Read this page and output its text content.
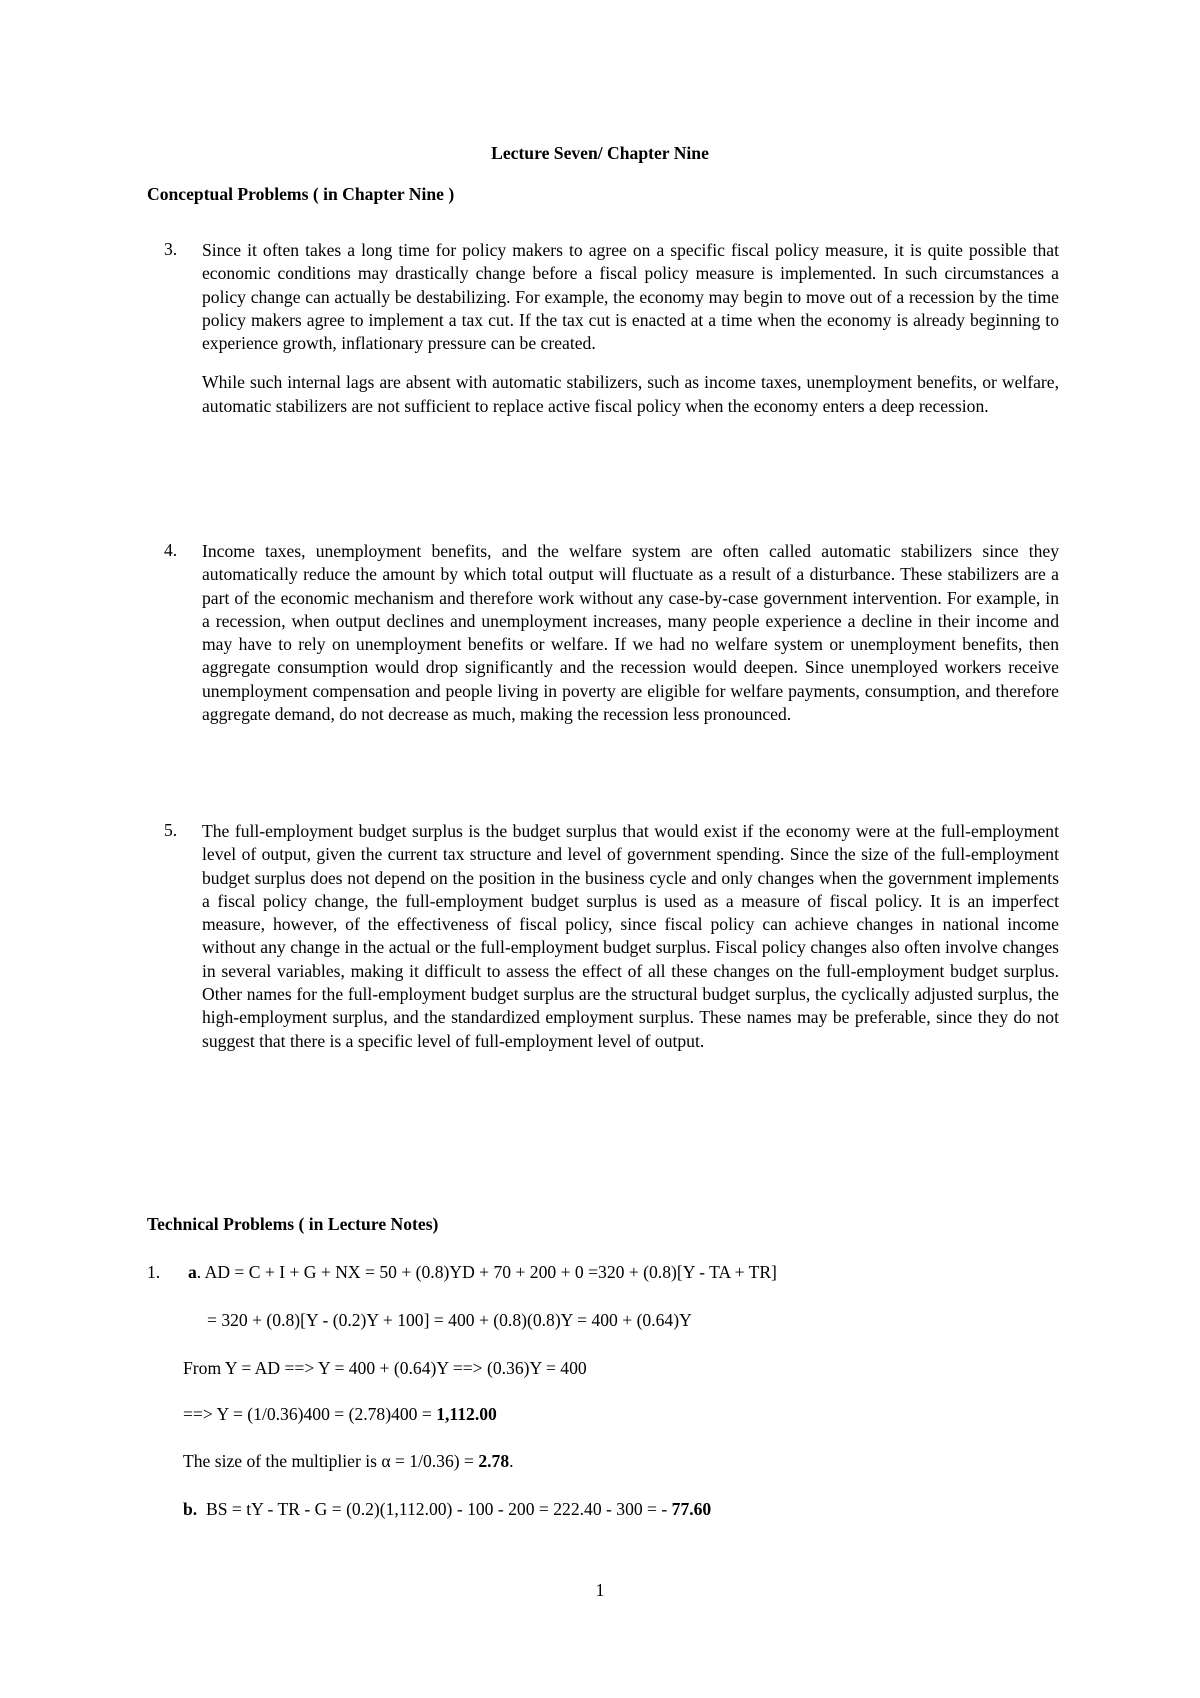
Lecture Seven/ Chapter Nine
Conceptual Problems ( in Chapter Nine )
3. Since it often takes a long time for policy makers to agree on a specific fiscal policy measure, it is quite possible that economic conditions may drastically change before a fiscal policy measure is implemented. In such circumstances a policy change can actually be destabilizing. For example, the economy may begin to move out of a recession by the time policy makers agree to implement a tax cut. If the tax cut is enacted at a time when the economy is already beginning to experience growth, inflationary pressure can be created.

While such internal lags are absent with automatic stabilizers, such as income taxes, unemployment benefits, or welfare, automatic stabilizers are not sufficient to replace active fiscal policy when the economy enters a deep recession.

4. Income taxes, unemployment benefits, and the welfare system are often called automatic stabilizers since they automatically reduce the amount by which total output will fluctuate as a result of a disturbance. These stabilizers are a part of the economic mechanism and therefore work without any case-by-case government intervention. For example, in a recession, when output declines and unemployment increases, many people experience a decline in their income and may have to rely on unemployment benefits or welfare. If we had no welfare system or unemployment benefits, then aggregate consumption would drop significantly and the recession would deepen. Since unemployed workers receive unemployment compensation and people living in poverty are eligible for welfare payments, consumption, and therefore aggregate demand, do not decrease as much, making the recession less pronounced.

5. The full-employment budget surplus is the budget surplus that would exist if the economy were at the full-employment level of output, given the current tax structure and level of government spending. Since the size of the full-employment budget surplus does not depend on the position in the business cycle and only changes when the government implements a fiscal policy change, the full-employment budget surplus is used as a measure of fiscal policy. It is an imperfect measure, however, of the effectiveness of fiscal policy, since fiscal policy can achieve changes in national income without any change in the actual or the full-employment budget surplus. Fiscal policy changes also often involve changes in several variables, making it difficult to assess the effect of all these changes on the full-employment budget surplus. Other names for the full-employment budget surplus are the structural budget surplus, the cyclically adjusted surplus, the high-employment surplus, and the standardized employment surplus. These names may be preferable, since they do not suggest that there is a specific level of full-employment level of output.

Technical Problems ( in Lecture Notes)
1. a. AD = C + I + G + NX = 50 + (0.8)YD + 70 + 200 + 0 =320 + (0.8)[Y - TA + TR]
= 320 + (0.8)[Y - (0.2)Y + 100] = 400 + (0.8)(0.8)Y = 400 + (0.64)Y
From Y = AD ==> Y = 400 + (0.64)Y ==> (0.36)Y = 400
==> Y = (1/0.36)400 = (2.78)400 = 1,112.00
The size of the multiplier is α = 1/0.36) = 2.78.
b. BS = tY - TR - G = (0.2)(1,112.00) - 100 - 200 = 222.40 - 300 = - 77.60
1
